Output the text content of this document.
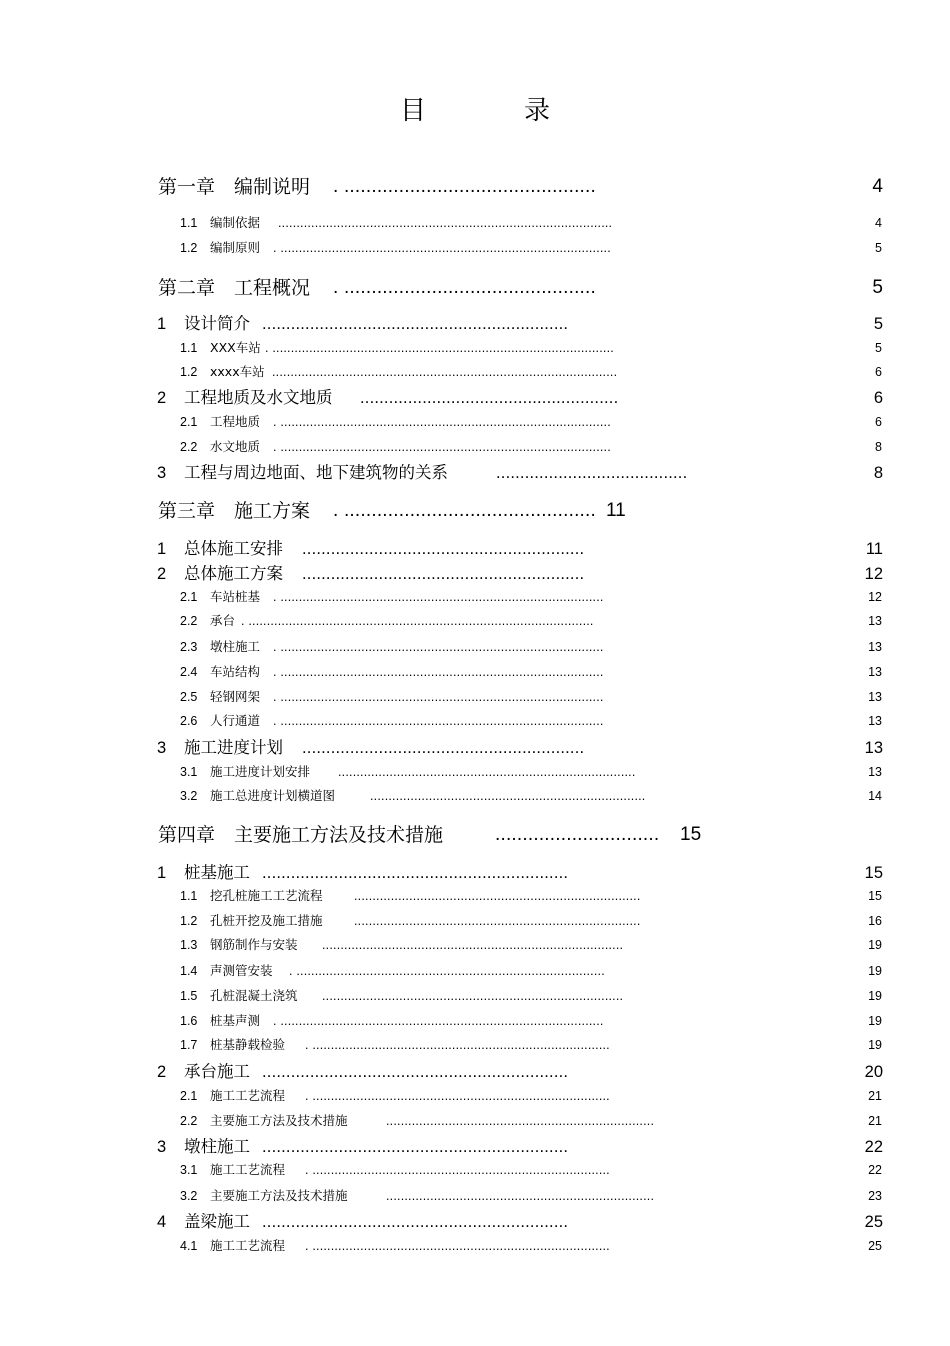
目　录
第一章　编制说明 . ..............................................	4
1.1 编制依据 ...........................................................................................	4
1.2 编制原则 . ..........................................................................................	5
第二章　工程概况 . ..............................................	5
1 设计简介 ................................................................	5
1.1 XXX车站 . .............................................................................................	5
1.2 xxxx车站 ..............................................................................................	6
2 工程地质及水文地质 ......................................................	6
2.1 工程地质 . ..........................................................................................	6
2.2 水文地质 . ..........................................................................................	8
3 工程与周边地面、地下建筑物的关系	........................................	8
第三章　施工方案 . .............................................. 11
1 总体施工安排 ...........................................................	11
2 总体施工方案 ...........................................................	12
2.1 车站桩基 . ........................................................................................	12
2.2 承台 . ..............................................................................................	13
2.3 墩柱施工 . ........................................................................................	13
2.4 车站结构 . ........................................................................................	13
2.5 轻钢网架 . ........................................................................................	13
2.6 人行通道 . ........................................................................................	13
3 施工进度计划 ...........................................................	13
3.1 施工进度计划安排 .................................................................................	13
3.2 施工总进度计划横道图	...........................................................................	14
第四章　主要施工方法及技术措施	..............................	15
1 桩基施工 ................................................................	15
1.1 挖孔桩施工工艺流程	..............................................................................	15
1.2 孔桩开挖及施工措施	..............................................................................	16
1.3 钢筋制作与安装 ..................................................................................	19
1.4 声测管安装 . ....................................................................................	19
1.5 孔桩混凝土浇筑 ..................................................................................	19
1.6 桩基声测 . ........................................................................................	19
1.7 桩基静载检验 . .................................................................................	19
2 承台施工 ................................................................	20
2.1 施工工艺流程 . .................................................................................	21
2.2 主要施工方法及技术措施	.........................................................................	21
3 墩柱施工 ................................................................	22
3.1 施工工艺流程 . .................................................................................	22
3.2 主要施工方法及技术措施	.........................................................................	23
4 盖梁施工 ................................................................	25
4.1 施工工艺流程 . .................................................................................	25
